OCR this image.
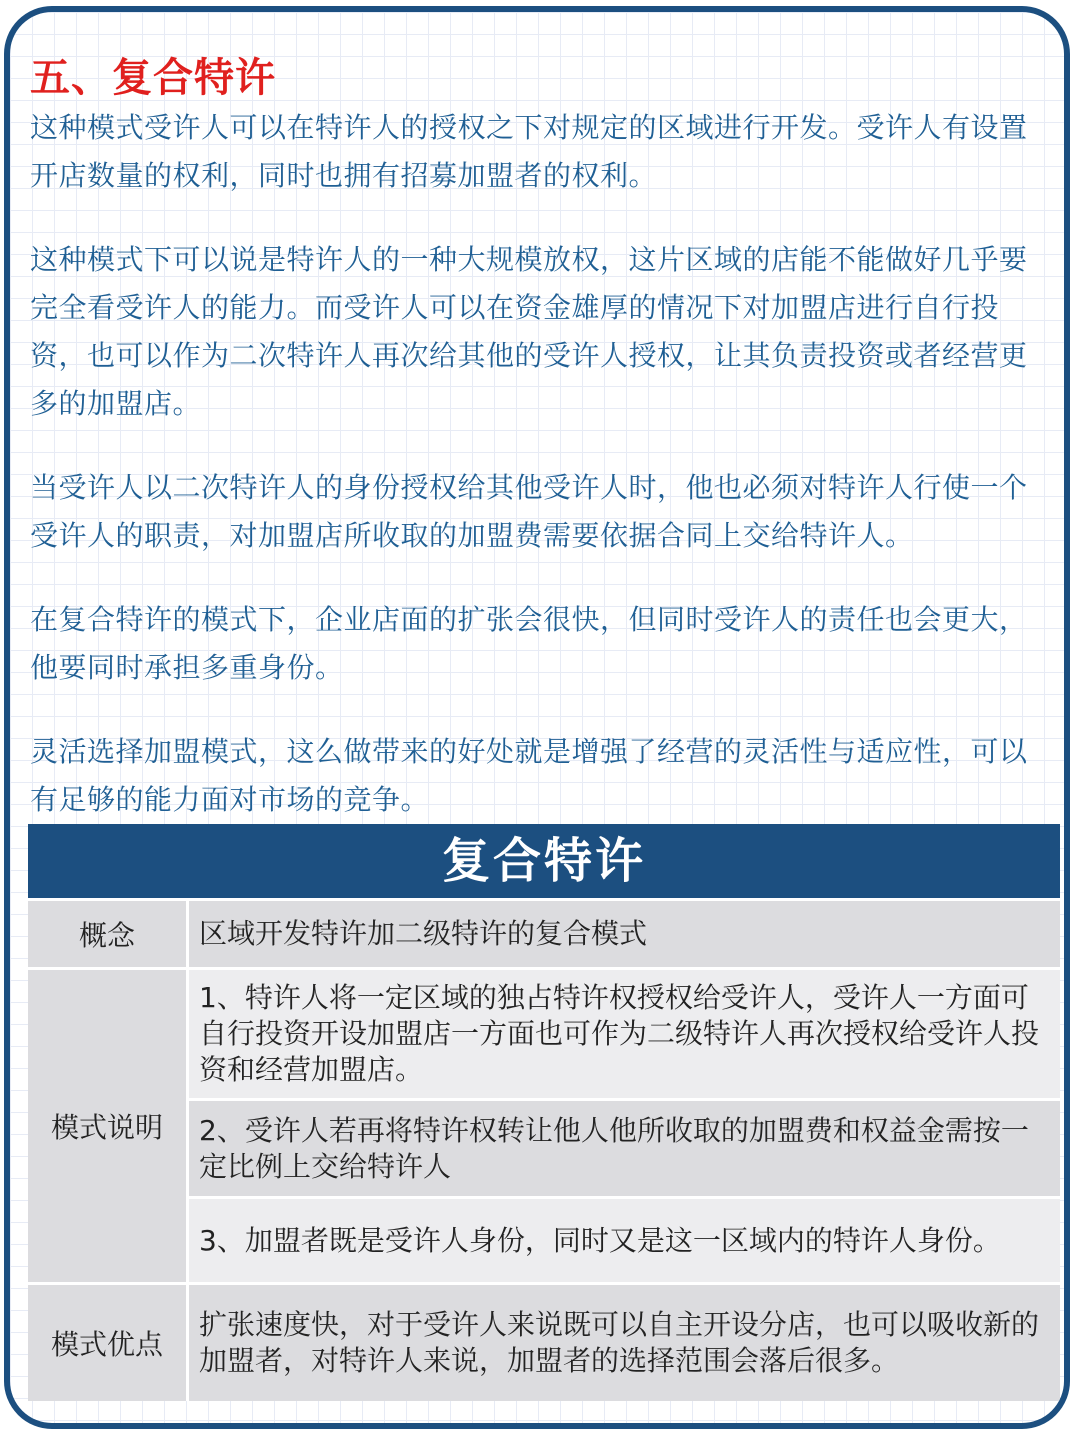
五、复合特许

这种模式受许人可以在特许人的授权之下对规定的区域进行开发。受许人有设置开店数量的权利，同时也拥有招募加盟者的权利。

这种模式下可以说是特许人的一种大规模放权，这片区域的店能不能做好几乎要完全看受许人的能力。而受许人可以在资金雄厚的情况下对加盟店进行自行投资，也可以作为二次特许人再次给其他的受许人授权，让其负责投资或者经营更多的加盟店。

当受许人以二次特许人的身份授权给其他受许人时，他也必须对特许人行使一个受许人的职责，对加盟店所收取的加盟费需要依据合同上交给特许人。

在复合特许的模式下，企业店面的扩张会很快，但同时受许人的责任也会更大，他要同时承担多重身份。

灵活选择加盟模式，这么做带来的好处就是增强了经营的灵活性与适应性，可以有足够的能力面对市场的竞争。

复合特许
概念	区域开发特许加二级特许的复合模式
模式说明
1、特许人将一定区域的独占特许权授权给受许人，受许人一方面可自行投资开设加盟店一方面也可作为二级特许人再次授权给受许人投资和经营加盟店。
2、受许人若再将特许权转让他人他所收取的加盟费和权益金需按一定比例上交给特许人
3、加盟者既是受许人身份，同时又是这一区域内的特许人身份。
模式优点
扩张速度快，对于受许人来说既可以自主开设分店，也可以吸收新的加盟者，对特许人来说，加盟者的选择范围会落后很多。
